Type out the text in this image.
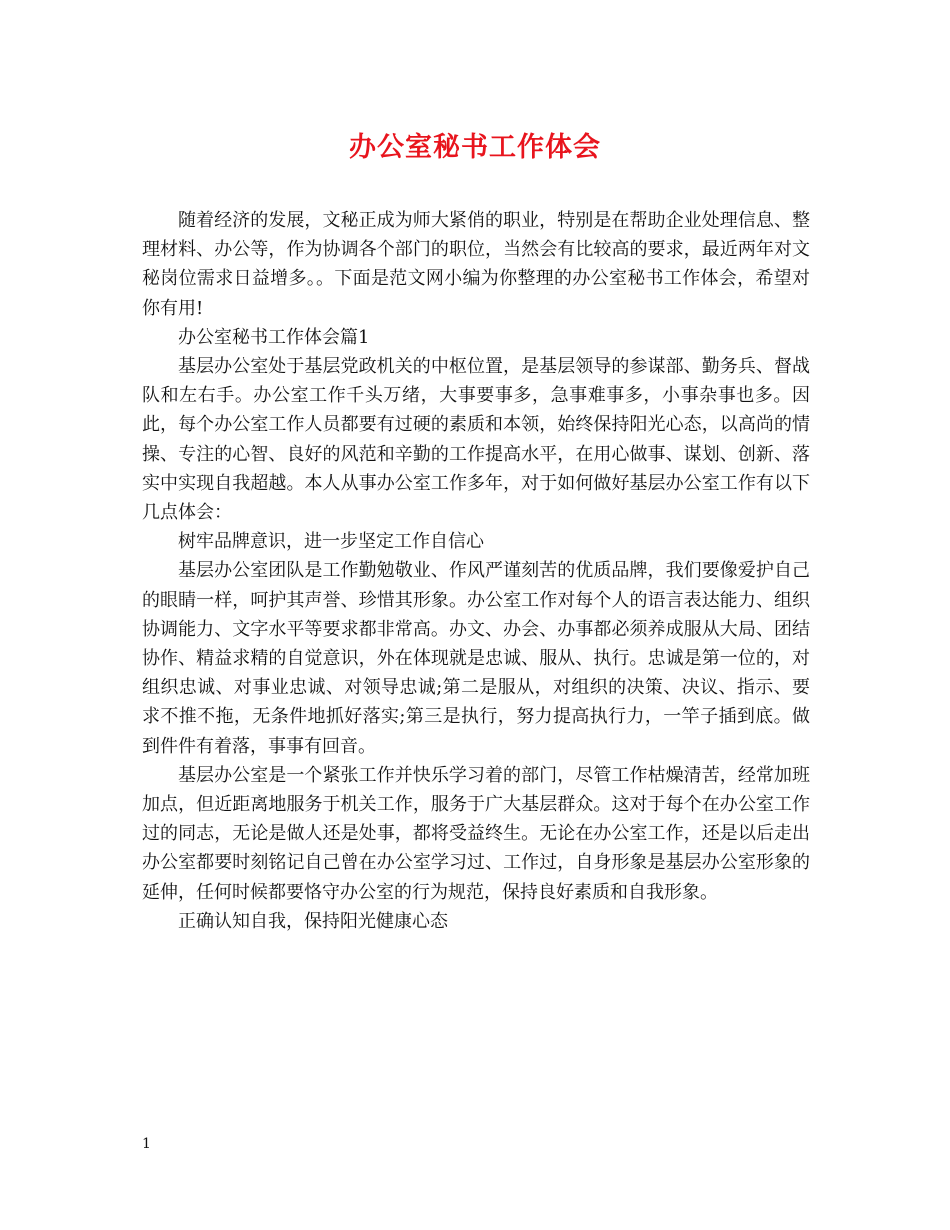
办公室秘书工作体会

随着经济的发展，文秘正成为师大紧俏的职业，特别是在帮助企业处理信息、整理材料、办公等，作为协调各个部门的职位，当然会有比较高的要求，最近两年对文秘岗位需求日益增多。。下面是范文网小编为你整理的办公室秘书工作体会，希望对你有用!

办公室秘书工作体会篇1

基层办公室处于基层党政机关的中枢位置，是基层领导的参谋部、勤务兵、督战队和左右手。办公室工作千头万绪，大事要事多，急事难事多，小事杂事也多。因此，每个办公室工作人员都要有过硬的素质和本领，始终保持阳光心态，以高尚的情操、专注的心智、良好的风范和辛勤的工作提高水平，在用心做事、谋划、创新、落实中实现自我超越。本人从事办公室工作多年，对于如何做好基层办公室工作有以下几点体会：

树牢品牌意识，进一步坚定工作自信心

基层办公室团队是工作勤勉敬业、作风严谨刻苦的优质品牌，我们要像爱护自己的眼睛一样，呵护其声誉、珍惜其形象。办公室工作对每个人的语言表达能力、组织协调能力、文字水平等要求都非常高。办文、办会、办事都必须养成服从大局、团结协作、精益求精的自觉意识，外在体现就是忠诚、服从、执行。忠诚是第一位的，对组织忠诚、对事业忠诚、对领导忠诚;第二是服从，对组织的决策、决议、指示、要求不推不拖，无条件地抓好落实;第三是执行，努力提高执行力，一竿子插到底。做到件件有着落，事事有回音。

基层办公室是一个紧张工作并快乐学习着的部门，尽管工作枯燥清苦，经常加班加点，但近距离地服务于机关工作，服务于广大基层群众。这对于每个在办公室工作过的同志，无论是做人还是处事，都将受益终生。无论在办公室工作，还是以后走出办公室都要时刻铭记自己曾在办公室学习过、工作过，自身形象是基层办公室形象的延伸，任何时候都要恪守办公室的行为规范，保持良好素质和自我形象。

正确认知自我，保持阳光健康心态

1
